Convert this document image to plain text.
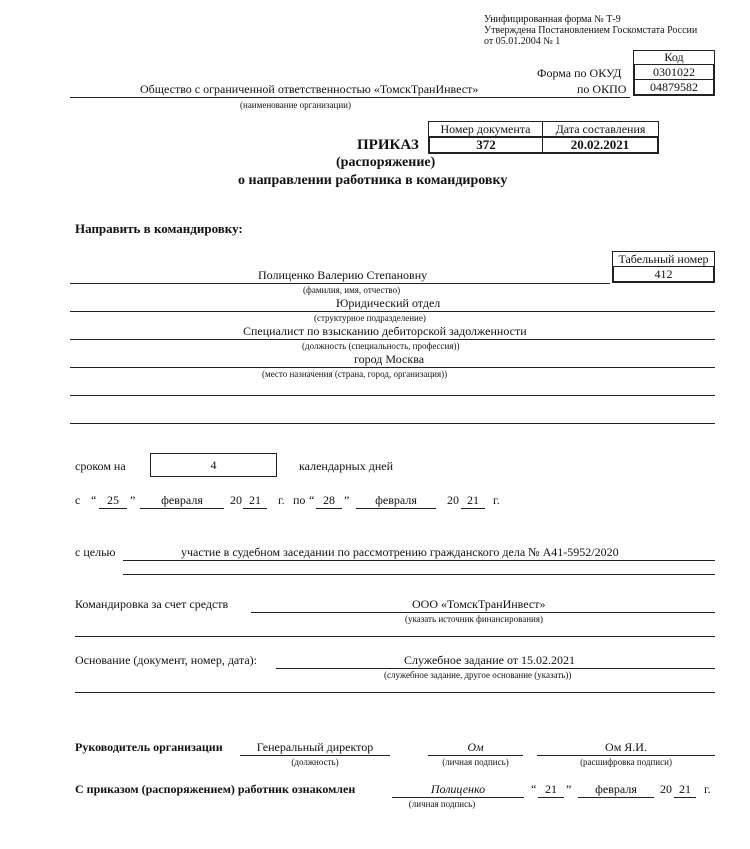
Унифицированная форма № Т-9
Утверждена Постановлением Госкомстата России
от 05.01.2004 № 1
Код
Форма по ОКУД	0301022
по ОКПО	04879582
Общество с ограниченной ответственностью «ТомскТранИнвест»
(наименование организации)
Номер документа	Дата составления
372	20.02.2021
ПРИКАЗ
(распоряжение)
о направлении работника в командировку
Направить в командировку:
Табельный номер
412
Полиценко Валерию Степановну
(фамилия, имя, отчество)
Юридический отдел
(структурное подразделение)
Специалист по взысканию дебиторской задолженности
(должность (специальность, профессия))
город Москва
(место назначения (страна, город, организация))
сроком на	4	календарных дней
с “ 25 ”	февраля	20 21	г. по “ 28 ”	февраля	20 21	г.
с целью	участие в судебном заседании по рассмотрению гражданского дела № А41-5952/2020
Командировка за счет средств	ООО «ТомскТранИнвест»
(указать источник финансирования)
Основание (документ, номер, дата):	Служебное задание от 15.02.2021
(служебное задание, другое основание (указать))
Руководитель организации	Генеральный директор
(должность)
Ом
(личная подпись)
Ом Я.И.
(расшифровка подписи)
С приказом (распоряжением) работник ознакомлен	Полиценко
(личная подпись)
“ 21 ”	февраля	20 21	г.
